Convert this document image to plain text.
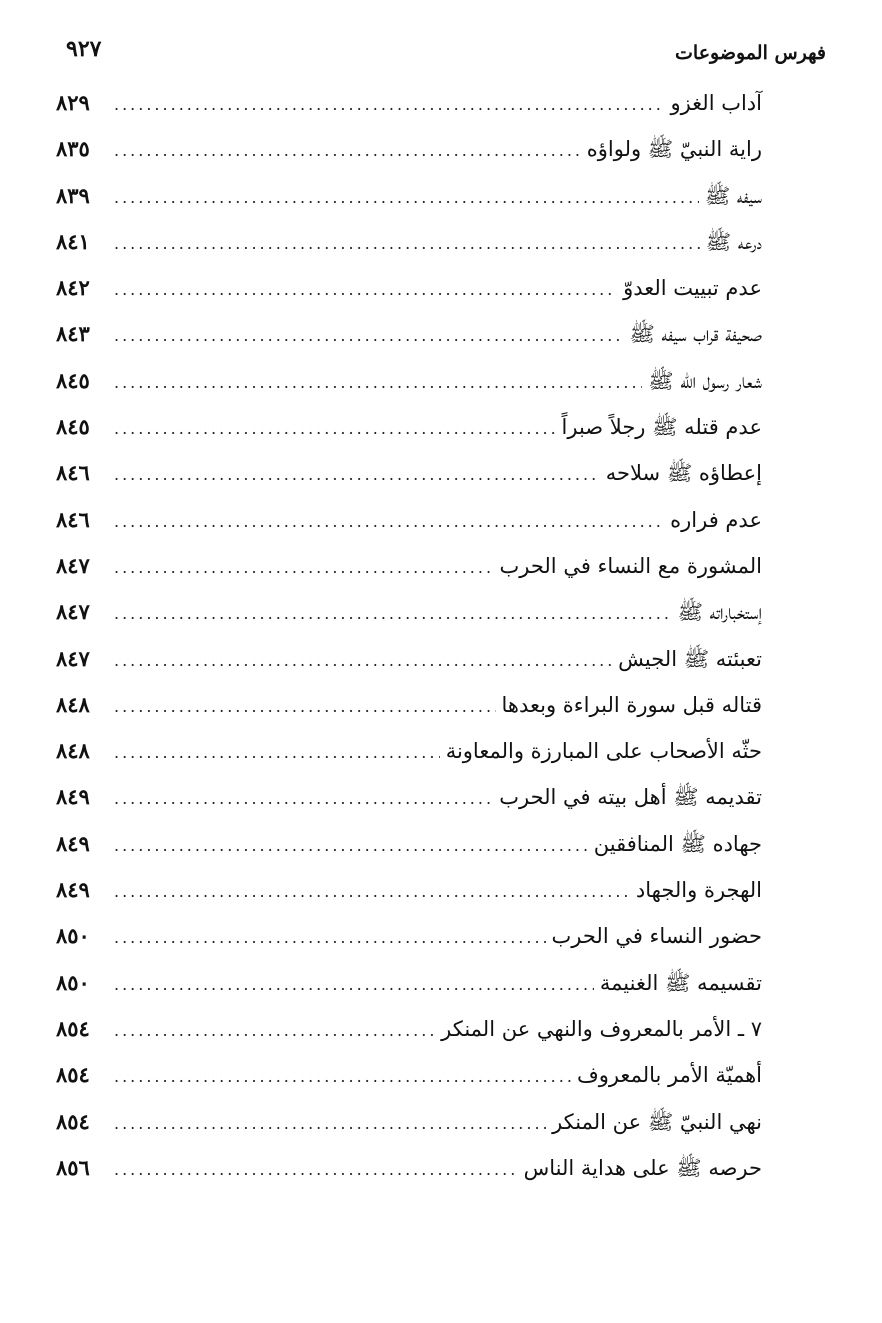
٩٢٧	فهرس الموضوعات
آداب الغزو
.....
٨٢٩
راية النبيّ ﷺ ولواؤه
.....
٨٣٥
سيفه ﷺ
.....
٨٣٩
درعه ﷺ
.....
٨٤١
عدم تبييت العدوّ
.....
٨٤٢
صحيفة قراب سيفه ﷺ
.....
٨٤٣
شعار رسول اللّه ﷺ
.....
٨٤٥
عدم قتله ﷺ رجلاً صبراً
.....
٨٤٥
إعطاؤه ﷺ سلاحه
.....
٨٤٦
عدم فراره
.....
٨٤٦
المشورة مع النساء في الحرب
.....
٨٤٧
إستخباراته ﷺ
.....
٨٤٧
تعبئته ﷺ الجيش
.....
٨٤٧
قتاله قبل سورة البراءة وبعدها
.....
٨٤٨
حثّه الأصحاب على المبارزة والمعاونة
.....
٨٤٨
تقديمه ﷺ أهل بيته في الحرب
.....
٨٤٩
جهاده ﷺ المنافقين
.....
٨٤٩
الهجرة والجهاد
.....
٨٤٩
حضور النساء في الحرب
.....
٨٥٠
تقسيمه ﷺ الغنيمة
.....
٨٥٠
٧ ـ الأمر بالمعروف والنهي عن المنكر
.....
٨٥٤
أهميّة الأمر بالمعروف
.....
٨٥٤
نهي النبيّ ﷺ عن المنكر
.....
٨٥٤
حرصه ﷺ على هداية الناس
.....
٨٥٦
